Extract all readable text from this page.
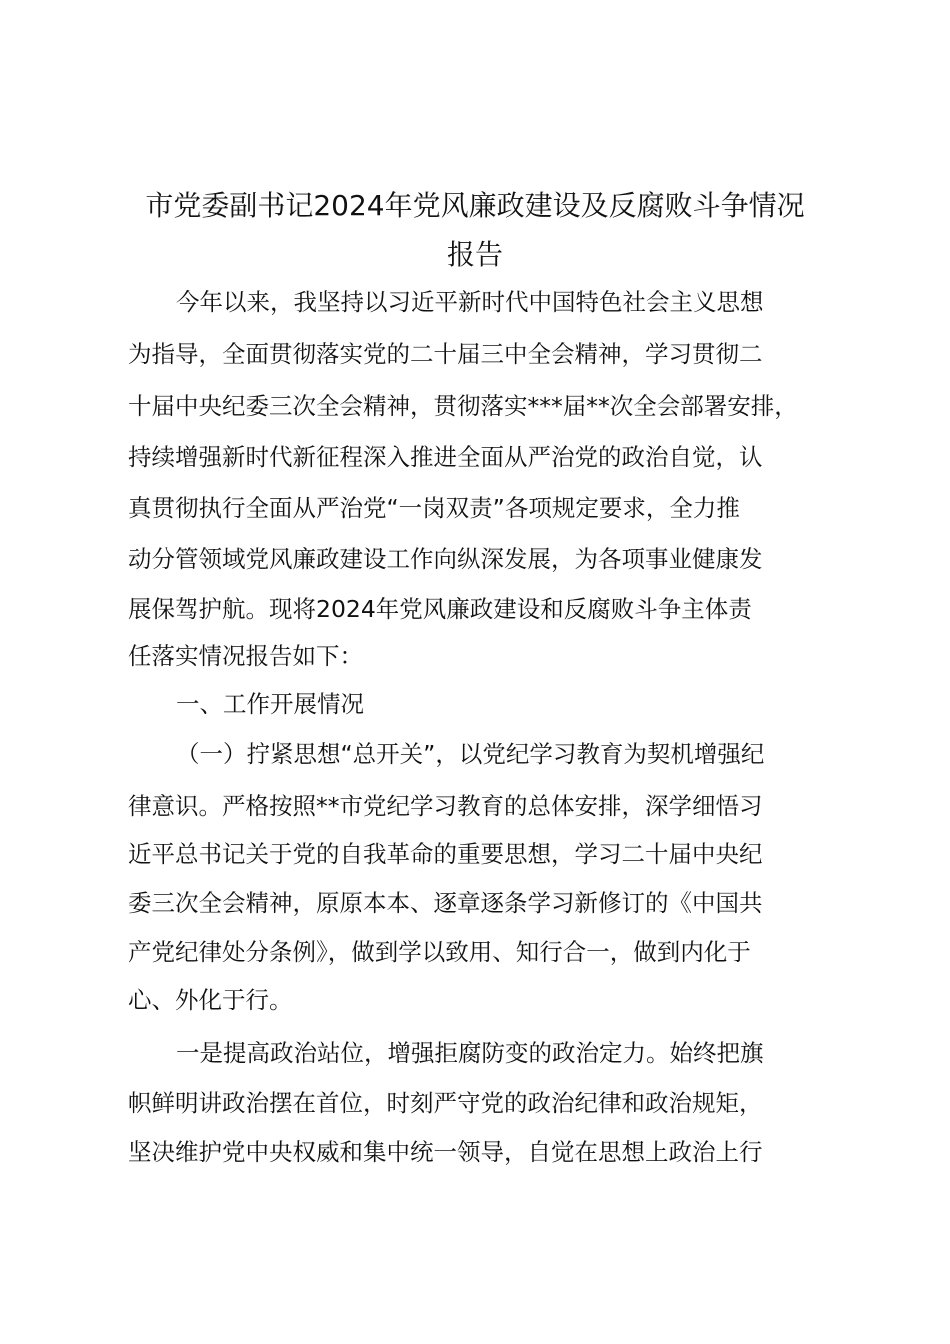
市党委副书记2024年党风廉政建设及反腐败斗争情况
报告

今年以来，我坚持以习近平新时代中国特色社会主义思想

为指导，全面贯彻落实党的二十届三中全会精神，学习贯彻二

十届中央纪委三次全会精神，贯彻落实***届**次全会部署安排，

持续增强新时代新征程深入推进全面从严治党的政治自觉，认

真贯彻执行全面从严治党“一岗双责”各项规定要求，全力推

动分管领域党风廉政建设工作向纵深发展，为各项事业健康发

展保驾护航。现将2024年党风廉政建设和反腐败斗争主体责

任落实情况报告如下：

一、工作开展情况

（一）拧紧思想“总开关”，以党纪学习教育为契机增强纪

律意识。严格按照**市党纪学习教育的总体安排，深学细悟习

近平总书记关于党的自我革命的重要思想，学习二十届中央纪

委三次全会精神，原原本本、逐章逐条学习新修订的《中国共

产党纪律处分条例》，做到学以致用、知行合一，做到内化于

心、外化于行。

一是提高政治站位，增强拒腐防变的政治定力。始终把旗

帜鲜明讲政治摆在首位，时刻严守党的政治纪律和政治规矩，

坚决维护党中央权威和集中统一领导，自觉在思想上政治上行
